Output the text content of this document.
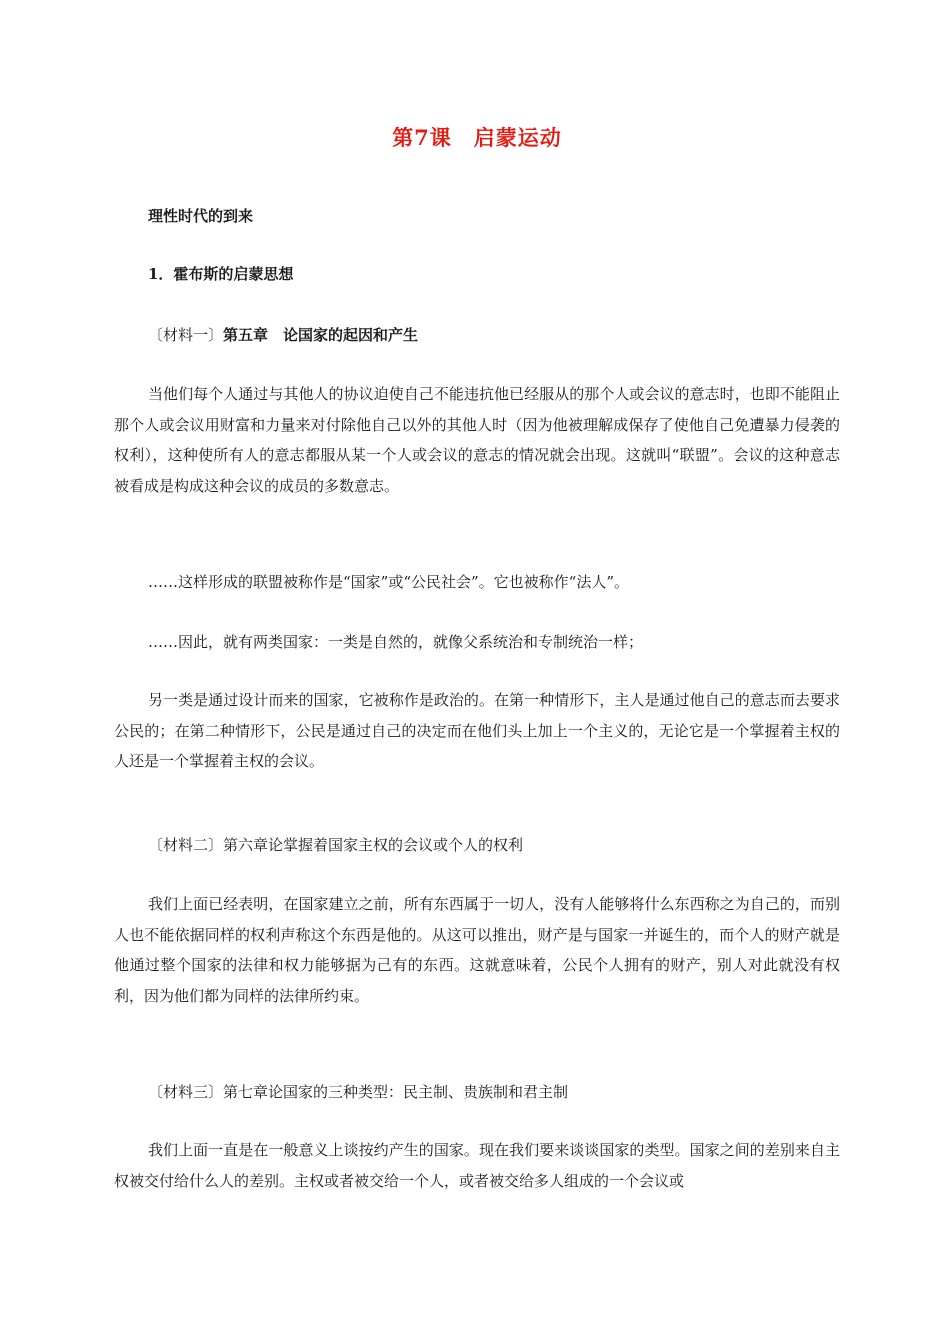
第7课　启蒙运动
理性时代的到来
1．霍布斯的启蒙思想
〔材料一〕第五章　论国家的起因和产生
当他们每个人通过与其他人的协议迫使自己不能违抗他已经服从的那个人或会议的意志时，也即不能阻止那个人或会议用财富和力量来对付除他自己以外的其他人时（因为他被理解成保存了使他自己免遭暴力侵袭的权利），这种使所有人的意志都服从某一个人或会议的意志的情况就会出现。这就叫“联盟”。会议的这种意志被看成是构成这种会议的成员的多数意志。
……这样形成的联盟被称作是“国家”或“公民社会”。它也被称作“法人”。
……因此，就有两类国家：一类是自然的，就像父系统治和专制统治一样；
另一类是通过设计而来的国家，它被称作是政治的。在第一种情形下，主人是通过他自己的意志而去要求公民的；在第二种情形下，公民是通过自己的决定而在他们头上加上一个主义的，无论它是一个掌握着主权的人还是一个掌握着主权的会议。
〔材料二〕第六章论掌握着国家主权的会议或个人的权利
我们上面已经表明，在国家建立之前，所有东西属于一切人，没有人能够将什么东西称之为自己的，而别人也不能依据同样的权利声称这个东西是他的。从这可以推出，财产是与国家一并诞生的，而个人的财产就是他通过整个国家的法律和权力能够据为己有的东西。这就意味着，公民个人拥有的财产，别人对此就没有权利，因为他们都为同样的法律所约束。
〔材料三〕第七章论国家的三种类型：民主制、贵族制和君主制
我们上面一直是在一般意义上谈按约产生的国家。现在我们要来谈谈国家的类型。国家之间的差别来自主权被交付给什么人的差别。主权或者被交给一个人，或者被交给多人组成的一个会议或
